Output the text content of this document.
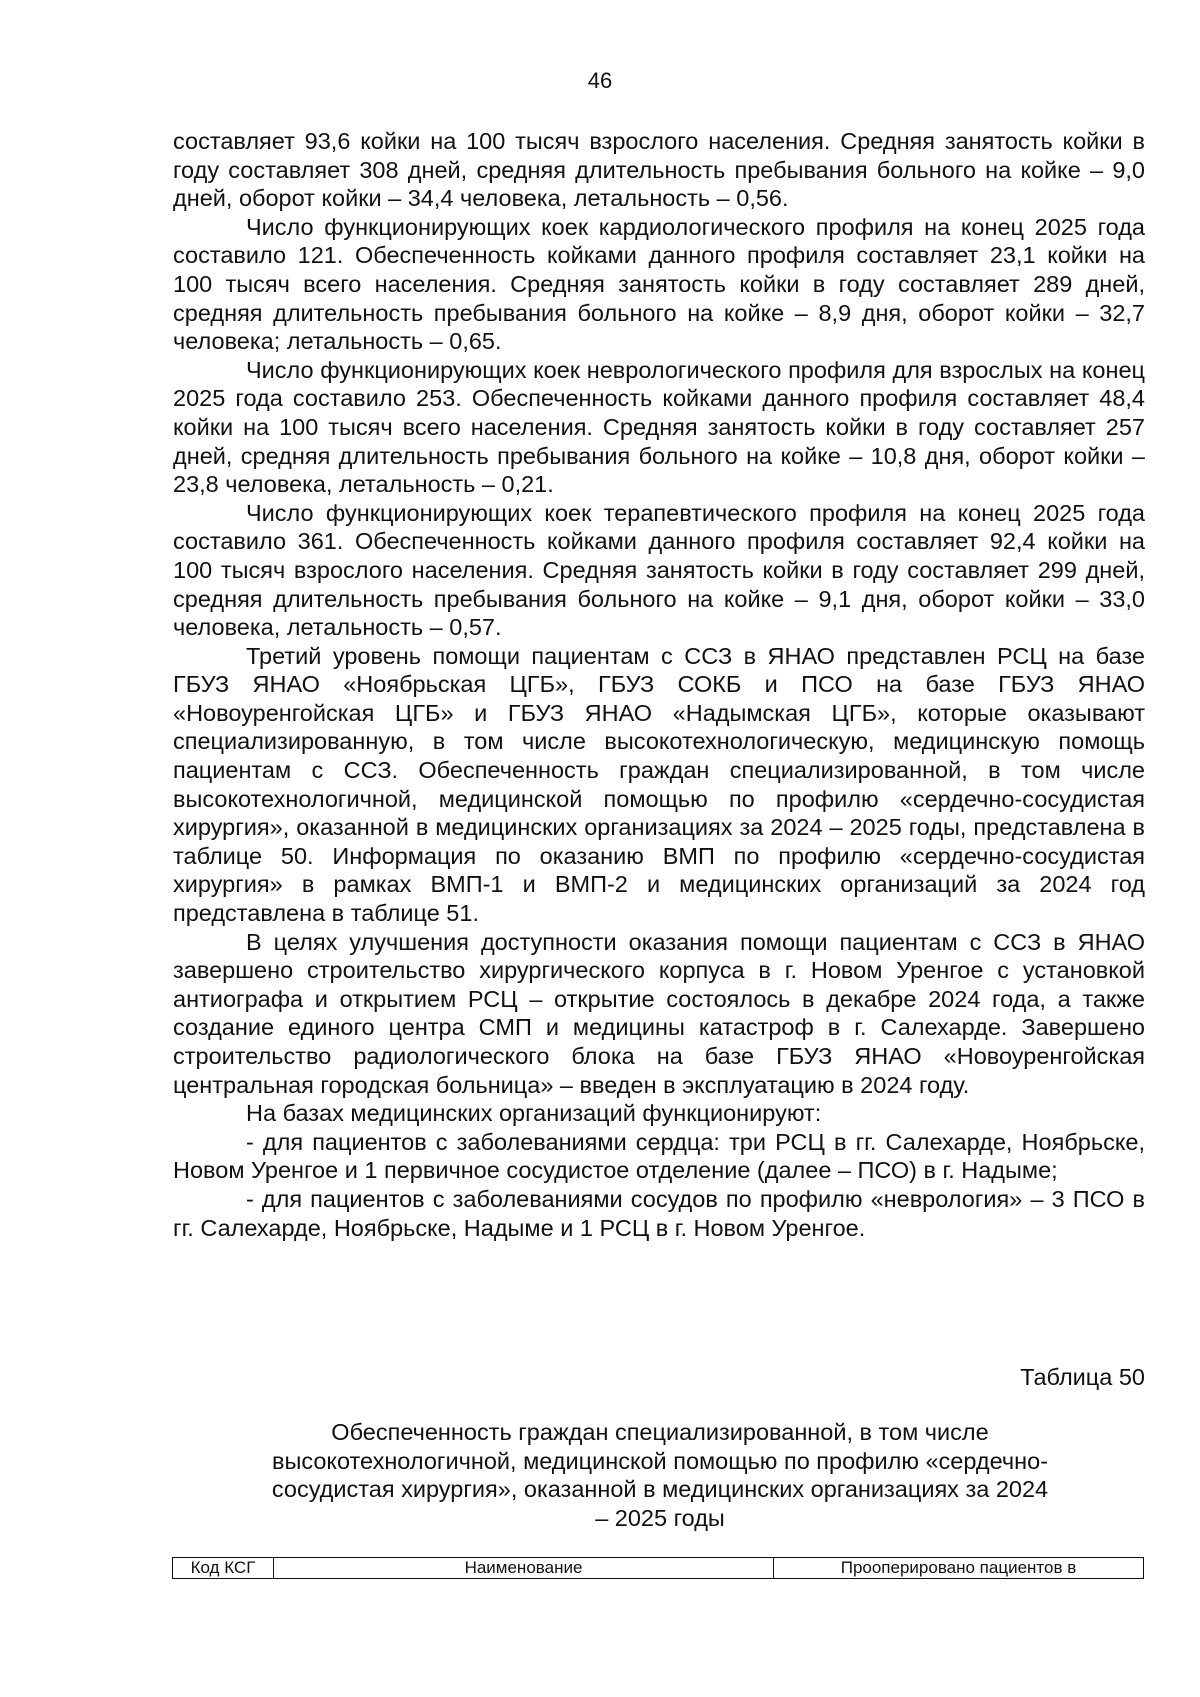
46

составляет 93,6 койки на 100 тысяч взрослого населения. Средняя занятость койки в году составляет 308 дней, средняя длительность пребывания больного на койке – 9,0 дней, оборот койки – 34,4 человека, летальность – 0,56.

Число функционирующих коек кардиологического профиля на конец 2025 года составило 121. Обеспеченность койками данного профиля составляет 23,1 койки на 100 тысяч всего населения. Средняя занятость койки в году составляет 289 дней, средняя длительность пребывания больного на койке – 8,9 дня, оборот койки – 32,7 человека; летальность – 0,65.

Число функционирующих коек неврологического профиля для взрослых на конец 2025 года составило 253. Обеспеченность койками данного профиля составляет 48,4 койки на 100 тысяч всего населения. Средняя занятость койки в году составляет 257 дней, средняя длительность пребывания больного на койке – 10,8 дня, оборот койки – 23,8 человека, летальность – 0,21.

Число функционирующих коек терапевтического профиля на конец 2025 года составило 361. Обеспеченность койками данного профиля составляет 92,4 койки на 100 тысяч взрослого населения. Средняя занятость койки в году составляет 299 дней, средняя длительность пребывания больного на койке – 9,1 дня, оборот койки – 33,0 человека, летальность – 0,57.

Третий уровень помощи пациентам с ССЗ в ЯНАО представлен РСЦ на базе ГБУЗ ЯНАО «Ноябрьская ЦГБ», ГБУЗ СОКБ и ПСО на базе ГБУЗ ЯНАО «Новоуренгойская ЦГБ» и ГБУЗ ЯНАО «Надымская ЦГБ», которые оказывают специализированную, в том числе высокотехнологическую, медицинскую помощь пациентам с ССЗ. Обеспеченность граждан специализированной, в том числе высокотехнологичной, медицинской помощью по профилю «сердечно-сосудистая хирургия», оказанной в медицинских организациях за 2024 – 2025 годы, представлена в таблице 50. Информация по оказанию ВМП по профилю «сердечно-сосудистая хирургия» в рамках ВМП-1 и ВМП-2 и медицинских организаций за 2024 год представлена в таблице 51.

В целях улучшения доступности оказания помощи пациентам с ССЗ в ЯНАО завершено строительство хирургического корпуса в г. Новом Уренгое с установкой антиографа и открытием РСЦ – открытие состоялось в декабре 2024 года, а также создание единого центра СМП и медицины катастроф в г. Салехарде. Завершено строительство радиологического блока на базе ГБУЗ ЯНАО «Новоуренгойская центральная городская больница» – введен в эксплуатацию в 2024 году.

На базах медицинских организаций функционируют:

- для пациентов с заболеваниями сердца: три РСЦ в гг. Салехарде, Ноябрьске, Новом Уренгое и 1 первичное сосудистое отделение (далее – ПСО) в г. Надыме;

- для пациентов с заболеваниями сосудов по профилю «неврология» – 3 ПСО в гг. Салехарде, Ноябрьске, Надыме и 1 РСЦ в г. Новом Уренгое.

Таблица 50
Обеспеченность граждан специализированной, в том числе высокотехнологичной, медицинской помощью по профилю «сердечно-сосудистая хирургия», оказанной в медицинских организациях за 2024 – 2025 годы
Код КСГ	Наименование	Прооперировано пациентов в
